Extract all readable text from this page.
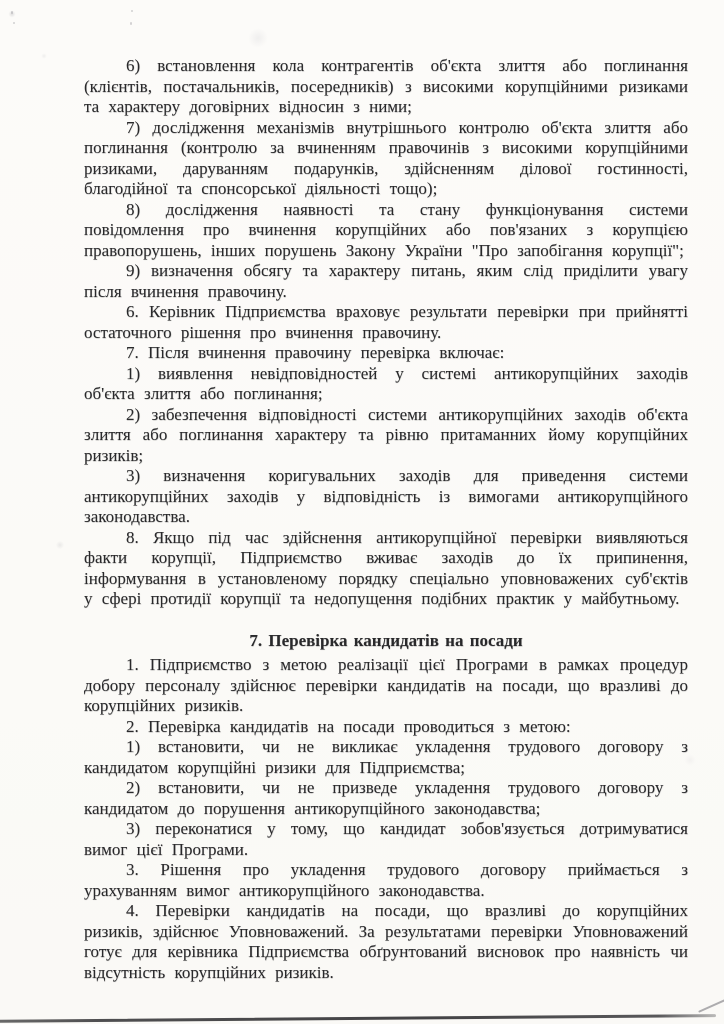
6) встановлення кола контрагентів об'єкта злиття або поглинання (клієнтів, постачальників, посередників) з високими корупційними ризиками та характеру договірних відносин з ними;

7) дослідження механізмів внутрішнього контролю об'єкта злиття або поглинання (контролю за вчиненням правочинів з високими корупційними ризиками, даруванням подарунків, здійсненням ділової гостинності, благодійної та спонсорської діяльності тощо);

8) дослідження наявності та стану функціонування системи повідомлення про вчинення корупційних або пов'язаних з корупцією правопорушень, інших порушень Закону України "Про запобігання корупції";

9) визначення обсягу та характеру питань, яким слід приділити увагу після вчинення правочину.

6. Керівник Підприємства враховує результати перевірки при прийнятті остаточного рішення про вчинення правочину.

7. Після вчинення правочину перевірка включає:

1) виявлення невідповідностей у системі антикорупційних заходів об'єкта злиття або поглинання;

2) забезпечення відповідності системи антикорупційних заходів об'єкта злиття або поглинання характеру та рівню притаманних йому корупційних ризиків;

3) визначення коригувальних заходів для приведення системи антикорупційних заходів у відповідність із вимогами антикорупційного законодавства.

8. Якщо під час здійснення антикорупційної перевірки виявляються факти корупції, Підприємство вживає заходів до їх припинення, інформування в установленому порядку спеціально уповноважених суб'єктів у сфері протидії корупції та недопущення подібних практик у майбутньому.

7. Перевірка кандидатів на посади

1. Підприємство з метою реалізації цієї Програми в рамках процедур добору персоналу здійснює перевірки кандидатів на посади, що вразливі до корупційних ризиків.

2. Перевірка кандидатів на посади проводиться з метою:

1) встановити, чи не викликає укладення трудового договору з кандидатом корупційні ризики для Підприємства;

2) встановити, чи не призведе укладення трудового договору з кандидатом до порушення антикорупційного законодавства;

3) переконатися у тому, що кандидат зобов'язується дотримуватися вимог цієї Програми.

3. Рішення про укладення трудового договору приймається з урахуванням вимог антикорупційного законодавства.

4. Перевірки кандидатів на посади, що вразливі до корупційних ризиків, здійснює Уповноважений. За результатами перевірки Уповноважений готує для керівника Підприємства обґрунтований висновок про наявність чи відсутність корупційних ризиків.
